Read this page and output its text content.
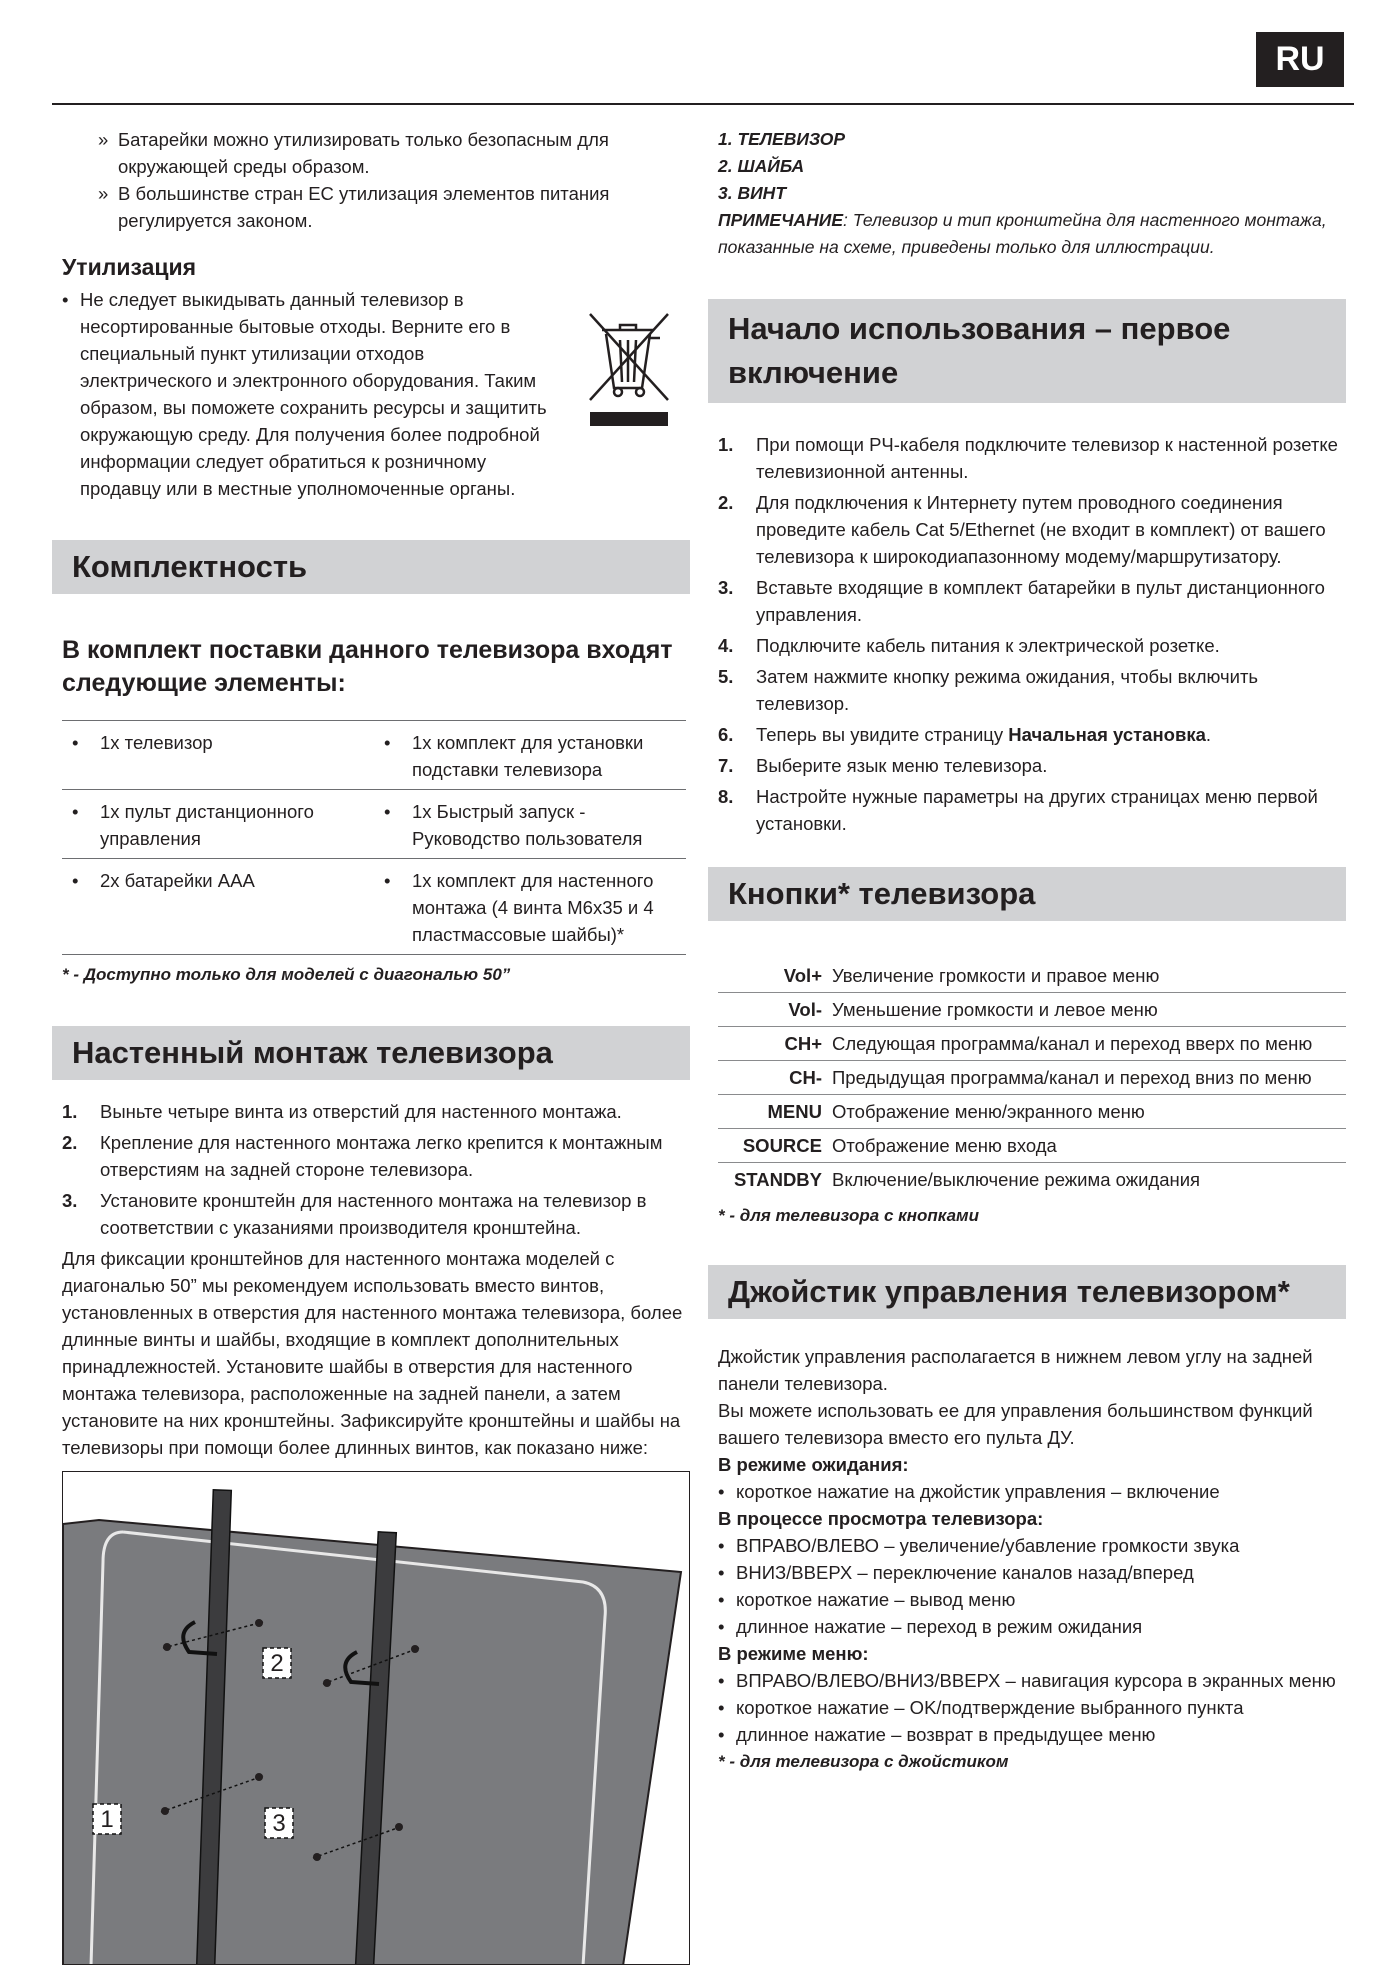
RU
» Батарейки можно утилизировать только безопасным для окружающей среды образом.
» В большинстве стран ЕС утилизация элементов питания регулируется законом.
Утилизация
• Не следует выкидывать данный телевизор в несортированные бытовые отходы. Верните его в специальный пункт утилизации отходов электрического и электронного оборудования. Таким образом, вы поможете сохранить ресурсы и защитить окружающую среду. Для получения более подробной информации следует обратиться к розничному продавцу или в местные уполномоченные органы.
Комплектность
В комплект поставки данного телевизора входят следующие элементы:
• 1x телевизор	• 1x комплект для установки подставки телевизора

• 1x пульт дистанционного управления	• 1x Быстрый запуск - Руководство пользователя

• 2x батарейки AAA	• 1x комплект для настенного монтажа (4 винта М6x35 и 4 пластмассовые шайбы)*
* - Доступно только для моделей с диагональю 50”
Настенный монтаж телевизора
1. Выньте четыре винта из отверстий для настенного монтажа.
2. Крепление для настенного монтажа легко крепится к монтажным отверстиям на задней стороне телевизора.
3. Установите кронштейн для настенного монтажа на телевизор в соответствии с указаниями производителя кронштейна.

Для фиксации кронштейнов для настенного монтажа моделей с диагональю 50” мы рекомендуем использовать вместо винтов, установленных в отверстия для настенного монтажа телевизора, более длинные винты и шайбы, входящие в комплект дополнительных принадлежностей. Установите шайбы в отверстия для настенного монтажа телевизора, расположенные на задней панели, а затем установите на них кронштейны. Зафиксируйте кронштейны и шайбы на телевизоры при помощи более длинных винтов, как показано ниже:

2
1	3
1. ТЕЛЕВИЗОР
2. ШАЙБА
3. ВИНТ

ПРИМЕЧАНИЕ: Телевизор и тип кронштейна для настенного монтажа, показанные на схеме, приведены только для иллюстрации.

Начало использования – первое включение
1. При помощи РЧ-кабеля подключите телевизор к настенной розетке телевизионной антенны.
2. Для подключения к Интернету путем проводного соединения проведите кабель Cat 5/Ethernet (не входит в комплект) от вашего телевизора к широкодиапазонному модему/маршрутизатору.
3. Вставьте входящие в комплект батарейки в пульт дистанционного управления.
4. Подключите кабель питания к электрической розетке.
5. Затем нажмите кнопку режима ожидания, чтобы включить телевизор.
6. Теперь вы увидите страницу Начальная установка.
7. Выберите язык меню телевизора.
8. Настройте нужные параметры на других страницах меню первой установки.
Кнопки* телевизора
Vol+	Увеличение громкости и правое меню
Vol-	Уменьшение громкости и левое меню
CH+	Следующая программа/канал и переход вверх по меню
CH-	Предыдущая программа/канал и переход вниз по меню
MENU	Отображение меню/экранного меню
SOURCE	Отображение меню входа
STANDBY	Включение/выключение режима ожидания
* - для телевизора с кнопками
Джойстик управления телевизором*

Джойстик управления располагается в нижнем левом углу на задней панели телевизора.

Вы можете использовать ее для управления большинством функций вашего телевизора вместо его пульта ДУ.

В режиме ожидания:

• короткое нажатие на джойстик управления – включение

В процессе просмотра телевизора:

• ВПРАВО/ВЛЕВО – увеличение/убавление громкости звука
• ВНИЗ/ВВЕРХ – переключение каналов назад/вперед
• короткое нажатие – вывод меню
• длинное нажатие – переход в режим ожидания

В режиме меню:

• ВПРАВО/ВЛЕВО/ВНИЗ/ВВЕРХ – навигация курсора в экранных меню
• короткое нажатие – OK/подтверждение выбранного пункта
• длинное нажатие – возврат в предыдущее меню
* - для телевизора с джойстиком
